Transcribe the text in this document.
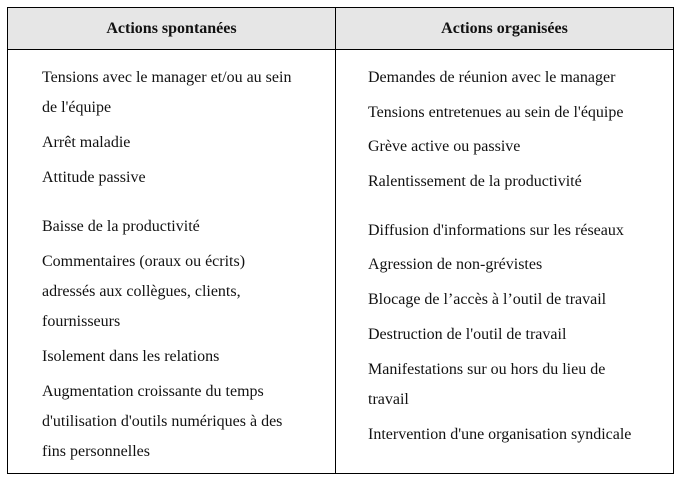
Actions spontanées	Actions organisées
Tensions avec le manager et/ou au sein
de l'équipe
Arrêt maladie
Attitude passive
Baisse de la productivité
Commentaires (oraux ou écrits)
adressés aux collègues, clients,
fournisseurs
Isolement dans les relations
Augmentation croissante du temps
d'utilisation d'outils numériques à des
fins personnelles
Demandes de réunion avec le manager
Tensions entretenues au sein de l'équipe
Grève active ou passive
Ralentissement de la productivité
Diffusion d'informations sur les réseaux
Agression de non-grévistes
Blocage de l’accès à l’outil de travail
Destruction de l'outil de travail
Manifestations sur ou hors du lieu de
travail
Intervention d'une organisation syndicale
